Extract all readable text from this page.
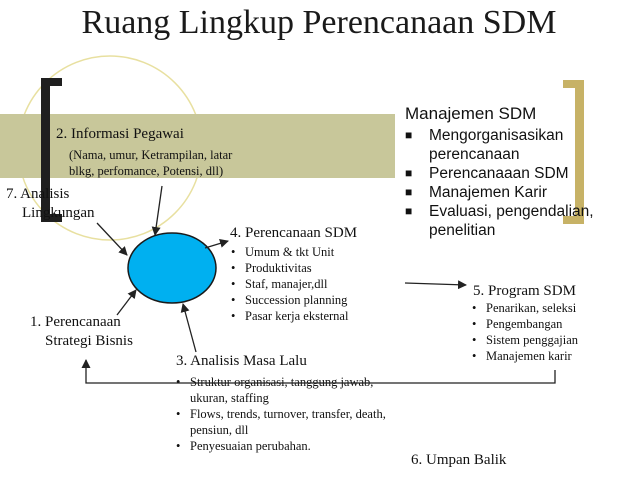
Ruang Lingkup Perencanaan SDM
2. Informasi Pegawai
(Nama, umur, Ketrampilan, latar
blkg, perfomance, Potensi, dll)
Manajemen SDM
■ Mengorganisasikan perencanaan
■ Perencanaaan SDM
■ Manajemen Karir
■ Evaluasi, pengendalian, penelitian
7. Analisis
Lingkungan
4. Perencanaan SDM
• Umum & tkt Unit
• Produktivitas
• Staf, manajer,dll
• Succession planning
• Pasar kerja eksternal
1. Perencanaan
Strategi Bisnis
3. Analisis Masa Lalu
• Struktur organisasi, tanggung jawab, ukuran, staffing
• Flows, trends, turnover, transfer, death, pensiun, dll
• Penyesuaian perubahan.
5. Program SDM
• Penarikan, seleksi
• Pengembangan
• Sistem penggajian
• Manajemen karir
6. Umpan Balik
